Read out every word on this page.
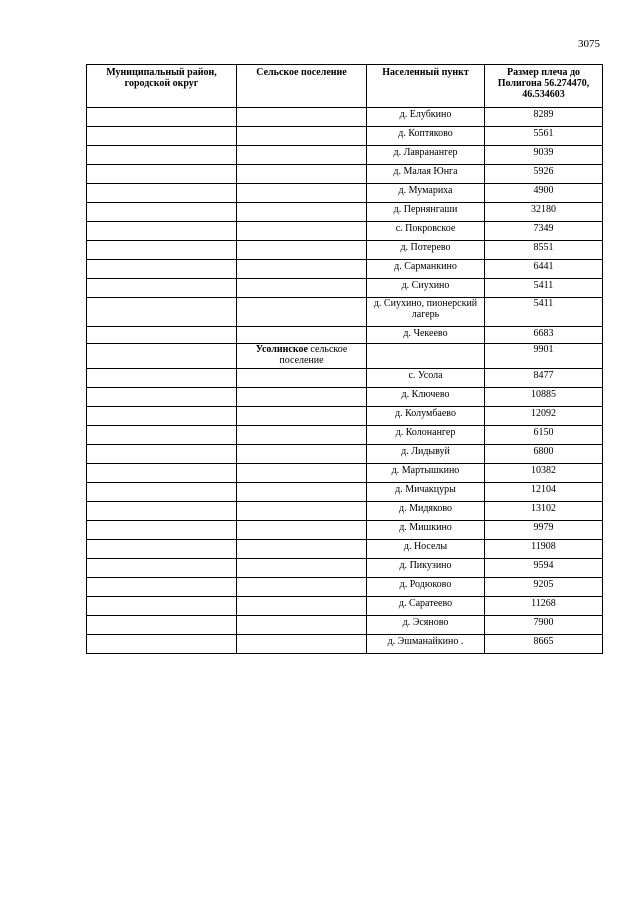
3075
Муниципальный район, городской округ	Сельское поселение	Населенный пункт	Размер плеча до Полигона 56.274470, 46.534603
		д. Елубкино	8289
		д. Коптяково	5561
		д. Лавранангер	9039
		д. Малая Юнга	5926
		д. Мумариха	4900
		д. Пернянгаши	32180
		с. Покровское	7349
		д. Потерево	8551
		д. Сарманкино	6441
		д. Сиухино	5411
		д. Сиухино, пионерский лагерь	5411
		д. Чекеево	6683
	Усолинское сельское поселение		9901
		с. Усола	8477
		д. Ключево	10885
		д. Колумбаево	12092
		д. Колонангер	6150
		д. Лидывуй	6800
		д. Мартышкино	10382
		д. Мичакцуры	12104
		д. Мидяково	13102
		д. Мишкино	9979
		д. Носелы	11908
		д. Пикузино	9594
		д. Родюково	9205
		д. Саратеево	11268
		д. Эсяново	7900
		д. Эшманайкино .	8665
